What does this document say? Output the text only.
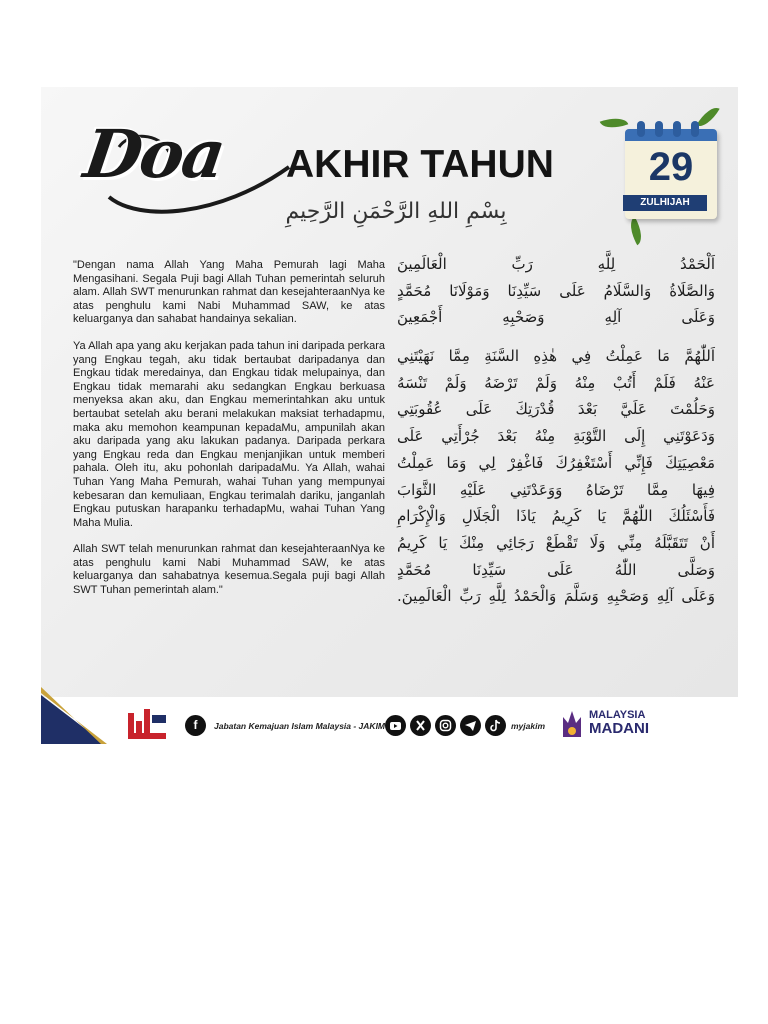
Doa AKHIR TAHUN	29
ZULHIJAH
بِسْمِ اللهِ الرَّحْمَنِ الرَّحِيمِ

"Dengan nama Allah Yang Maha Pemurah lagi Maha Mengasihani. Segala Puji bagi Allah Tuhan pemerintah seluruh alam. Allah SWT menurunkan rahmat dan kesejahteraanNya ke atas penghulu kami Nabi Muhammad SAW, ke atas keluarganya dan sahabat handainya sekalian.

Ya Allah apa yang aku kerjakan pada tahun ini daripada perkara yang Engkau tegah, aku tidak bertaubat daripadanya dan Engkau tidak meredainya, dan Engkau tidak melupainya, dan Engkau tidak memarahi aku sedangkan Engkau berkuasa menyeksa akan aku, dan Engkau memerintahkan aku untuk bertaubat setelah aku berani melakukan maksiat terhadapmu, maka aku memohon keampunan kepadaMu, ampunilah akan aku daripada yang aku lakukan padanya. Daripada perkara yang Engkau reda dan Engkau menjanjikan untuk memberi pahala. Oleh itu, aku pohonlah daripadaMu. Ya Allah, wahai Tuhan Yang Maha Pemurah, wahai Tuhan yang mempunyai kebesaran dan kemuliaan, Engkau terimalah dariku, janganlah Engkau putuskan harapanku terhadapMu, wahai Tuhan Yang Maha Mulia.

Allah SWT telah menurunkan rahmat dan kesejahteraanNya ke atas penghulu kami Nabi Muhammad SAW, ke atas keluarganya dan sahabatnya kesemua.Segala puji bagi Allah SWT Tuhan pemerintah alam."

اَلْحَمْدُ لِلَّهِ رَبِّ الْعَالَمِينَ
وَالصَّلَاةُ وَالسَّلَامُ عَلَى سَيِّدِنَا وَمَوْلَانَا مُحَمَّدٍ
وَعَلَى آلِهِ وَصَحْبِهِ أَجْمَعِينَ
اَللّٰهُمَّ مَا عَمِلْتُ فِي هٰذِهِ السَّنَةِ مِمَّا نَهَيْتَنِي
عَنْهُ فَلَمْ أَتُبْ مِنْهُ وَلَمْ تَرْضَهُ وَلَمْ تَنْسَهُ
وَحَلُمْتَ عَلَيَّ بَعْدَ قُدْرَتِكَ عَلَى عُقُوبَتِي
وَدَعَوْتَنِي إِلَى التَّوْبَةِ مِنْهُ بَعْدَ جُرْأَتِي عَلَى
مَعْصِيَتِكَ فَإِنِّي أَسْتَغْفِرُكَ فَاغْفِرْ لِي وَمَا عَمِلْتُ
فِيهَا مِمَّا تَرْضَاهُ وَوَعَدْتَنِي عَلَيْهِ الثَّوَابَ
فَأَسْئَلُكَ اللّٰهُمَّ يَا كَرِيمُ يَاذَا الْجَلَالِ وَالْإِكْرَامِ
أَنْ تَتَقَبَّلَهُ مِنِّي وَلَا تَقْطَعْ رَجَائِي مِنْكَ يَا كَرِيمُ
وَصَلَّى اللّٰهُ عَلَى سَيِّدِنَا مُحَمَّدٍ
وَعَلَى آلِهِ وَصَحْبِهِ وَسَلَّمَ وَالْحَمْدُ لِلَّهِ رَبِّ الْعَالَمِينَ.
f	Jabatan Kemajuan Islam Malaysia - JAKIM	myjakim
MALAYSIA
MADANI
